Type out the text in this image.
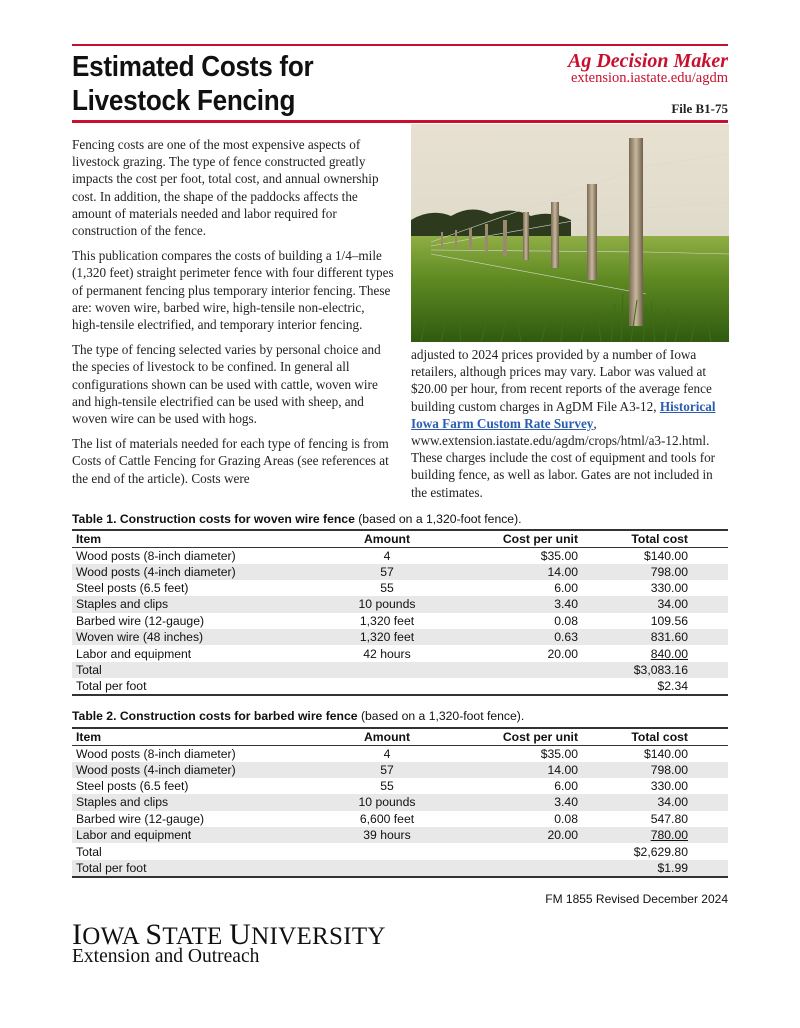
Estimated Costs for
Livestock Fencing
Ag Decision Maker
extension.iastate.edu/agdm
File B1-75

Fencing costs are one of the most expensive aspects of livestock grazing. The type of fence constructed greatly impacts the cost per foot, total cost, and annual ownership cost. In addition, the shape of the paddocks affects the amount of materials needed and labor required for construction of the fence.

This publication compares the costs of building a 1/4–mile (1,320 feet) straight perimeter fence with four different types of permanent fencing plus temporary interior fencing. These are: woven wire, barbed wire, high-tensile non-electric, high-tensile electrified, and temporary interior fencing.

The type of fencing selected varies by personal choice and the species of livestock to be confined. In general all configurations shown can be used with cattle, woven wire and high-tensile electrified can be used with sheep, and woven wire can be used with hogs.

The list of materials needed for each type of fencing is from Costs of Cattle Fencing for Grazing Areas (see references at the end of the article). Costs were

adjusted to 2024 prices provided by a number of Iowa retailers, although prices may vary. Labor was valued at $20.00 per hour, from recent reports of the average fence building custom charges in AgDM File A3-12, Historical Iowa Farm Custom Rate Survey, www.extension.iastate.edu/agdm/crops/html/a3-12.html. These charges include the cost of equipment and tools for building fence, as well as labor. Gates are not included in the estimates.
Table 1. Construction costs for woven wire fence (based on a 1,320-foot fence).
Item	Amount	Cost per unit	Total cost
Wood posts (8-inch diameter)	4	$35.00	$140.00
Wood posts (4-inch diameter)	57	14.00	798.00
Steel posts (6.5 feet)	55	6.00	330.00
Staples and clips	10 pounds	3.40	34.00
Barbed wire (12-gauge)	1,320 feet	0.08	109.56
Woven wire (48 inches)	1,320 feet	0.63	831.60
Labor and equipment	42 hours	20.00	840.00
Total			$3,083.16
Total per foot			$2.34
Table 2. Construction costs for barbed wire fence (based on a 1,320-foot fence).
Item	Amount	Cost per unit	Total cost
Wood posts (8-inch diameter)	4	$35.00	$140.00
Wood posts (4-inch diameter)	57	14.00	798.00
Steel posts (6.5 feet)	55	6.00	330.00
Staples and clips	10 pounds	3.40	34.00
Barbed wire (12-gauge)	6,600 feet	0.08	547.80
Labor and equipment	39 hours	20.00	780.00
Total			$2,629.80
Total per foot			$1.99
FM 1855 Revised December 2024
IOWA STATE UNIVERSITY
Extension and Outreach
